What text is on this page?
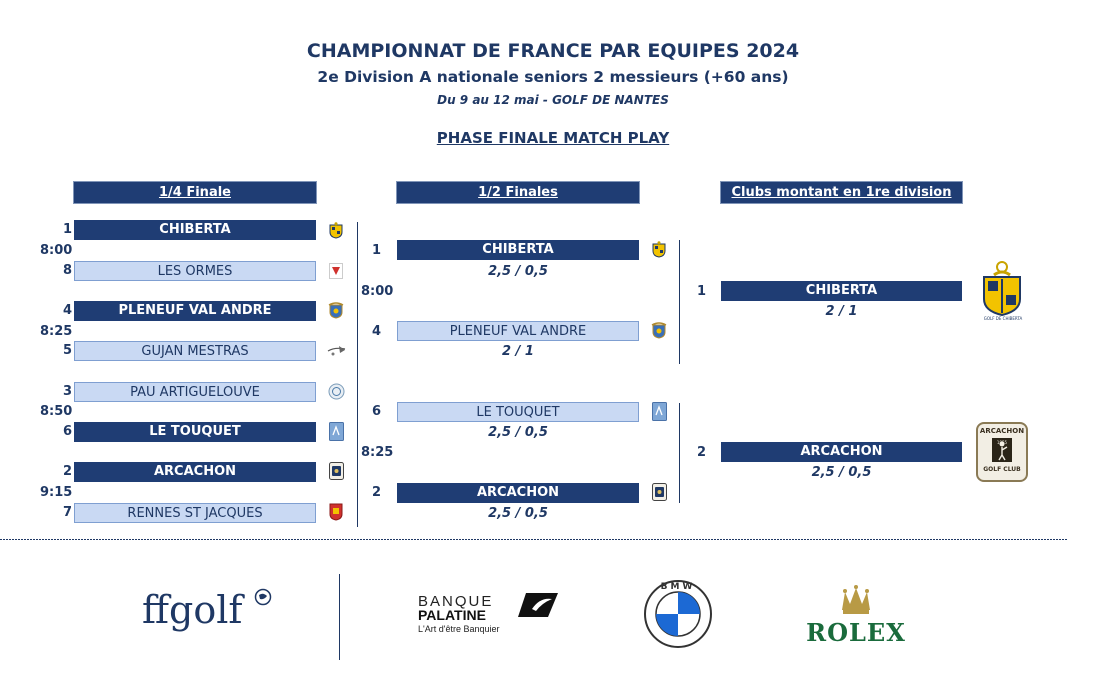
CHAMPIONNAT DE FRANCE PAR EQUIPES 2024
2e Division A nationale seniors 2 messieurs (+60 ans)
Du 9 au 12 mai - GOLF DE NANTES
PHASE FINALE MATCH PLAY
1/4 Finale	1/2 Finales	Clubs montant en 1re division
1	CHIBERTA
8:00
8	LES ORMES
4	PLENEUF VAL ANDRE
8:25
5	GUJAN MESTRAS
3	PAU ARTIGUELOUVE
8:50
6	LE TOUQUET
2	ARCACHON
9:15
7	RENNES ST JACQUES
1	CHIBERTA
2,5 / 0,5
8:00
4	PLENEUF VAL ANDRE
2 / 1
6	LE TOUQUET
2,5 / 0,5
8:25
2	ARCACHON
2,5 / 0,5
1	CHIBERTA
2 / 1	GOLF DE CHIBERTA
2	ARCACHON
2,5 / 0,5
ARCACHON
1955
GOLF CLUB
ffgolf	BANQUE
PALATINE
L'Art d'être Banquier
BMW
ROLEX
